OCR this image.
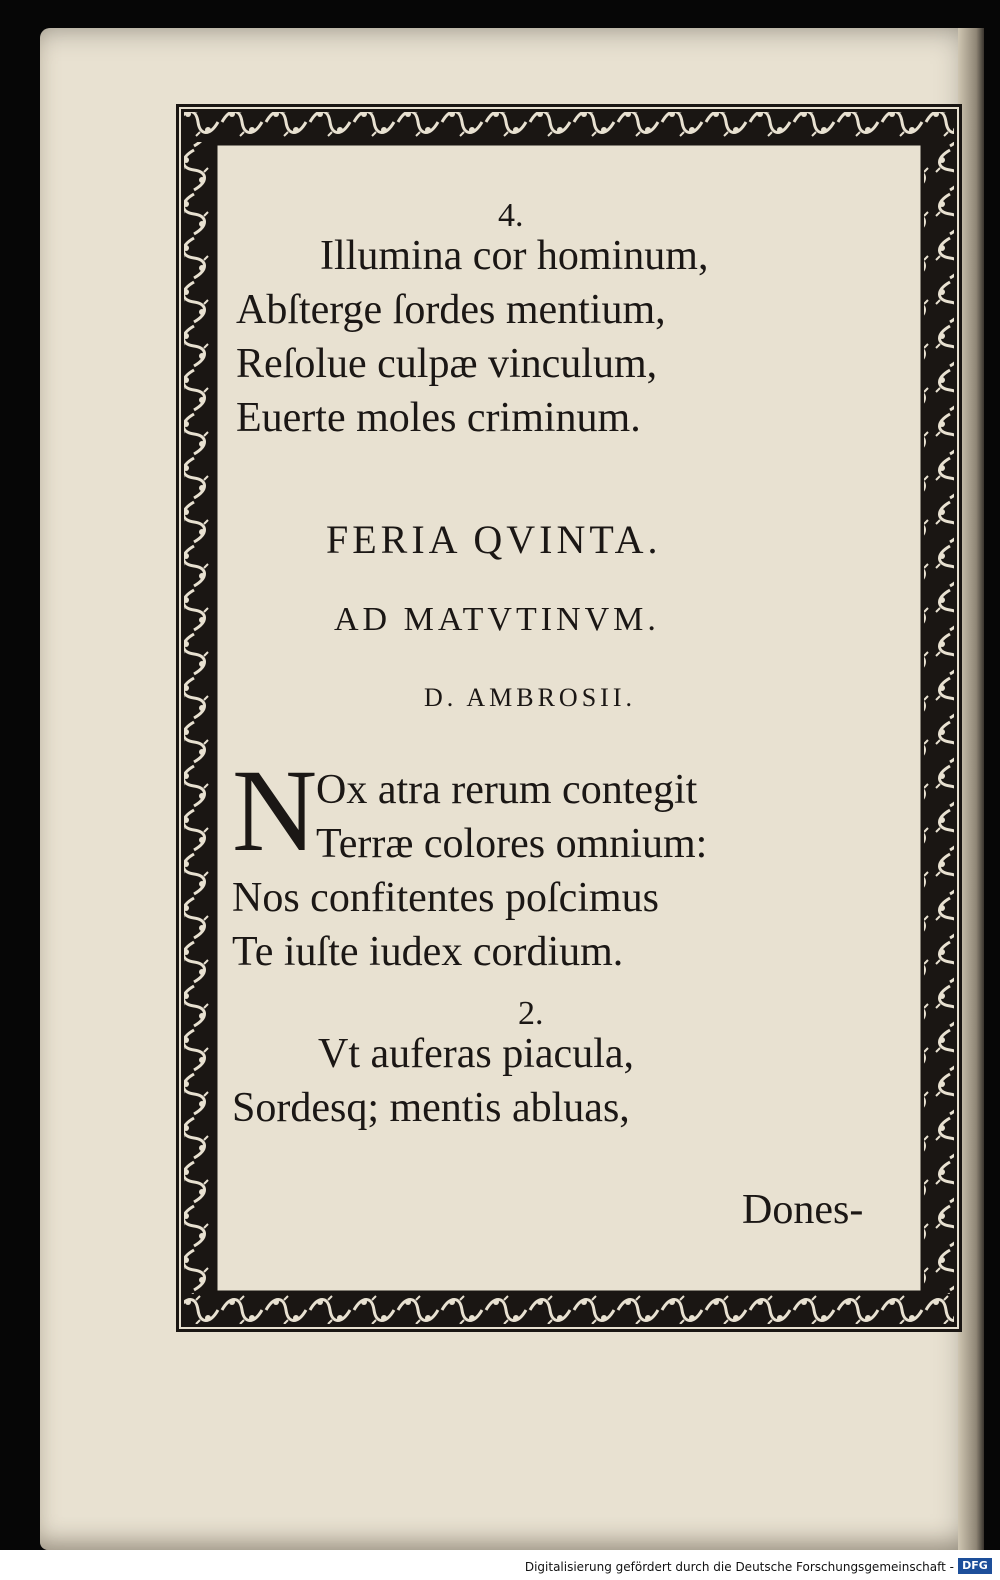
4.
Illumina cor hominum,
Abſterge ſordes mentium,
Reſolue culpæ vinculum,
Euerte moles criminum.
FERIA QVINTA.
AD MATVTINVM.
D. AMBROSII.
N
Ox atra rerum contegit
Terræ colores omnium:
Nos confitentes poſcimus
Te iuſte iudex cordium.
2.
Vt auferas piacula,
Sordesq; mentis abluas,
Dones-
Digitalisierung gefördert durch die Deutsche Forschungsgemeinschaft - DFG
